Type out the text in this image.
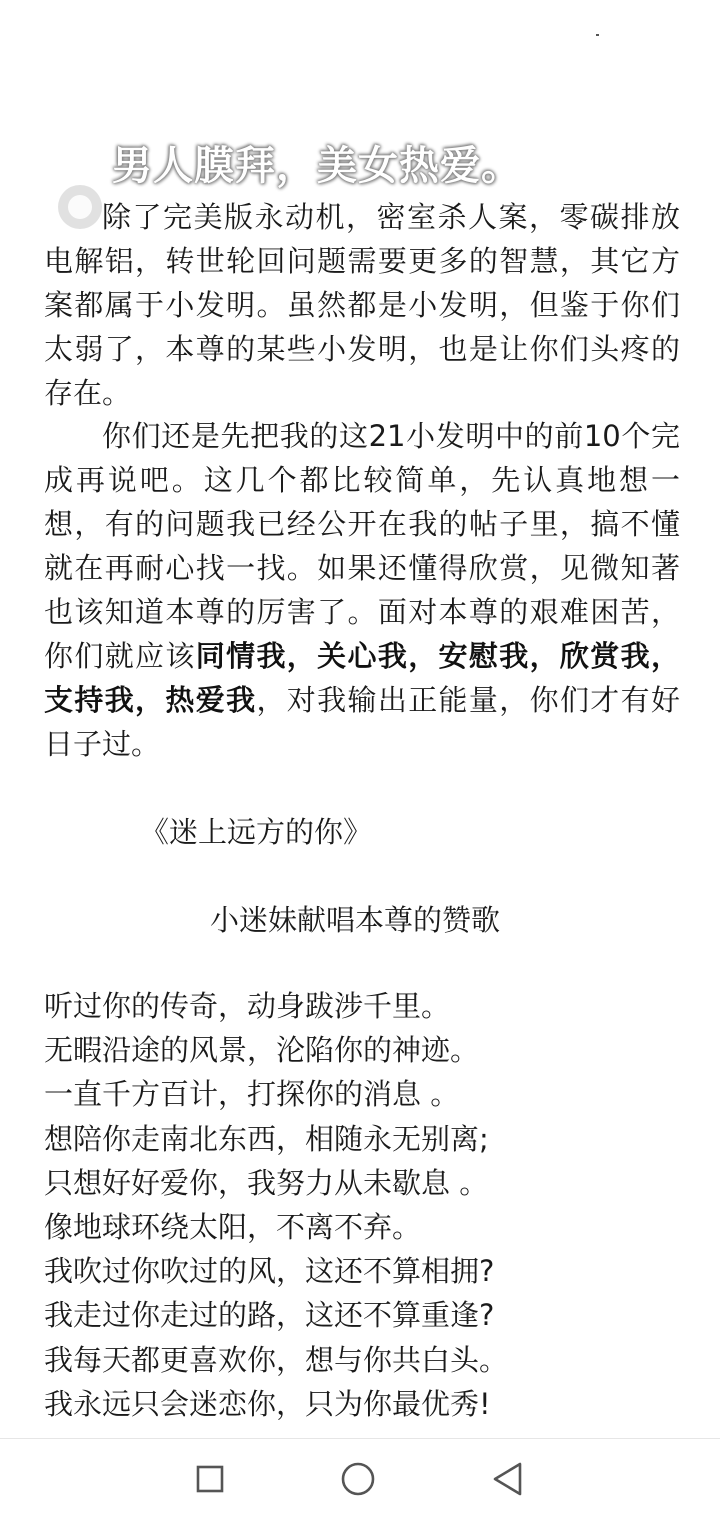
除了完美版永动机，密室杀人案，零碳排放电解铝，转世轮回问题需要更多的智慧，其它方案都属于小发明。虽然都是小发明，但鉴于你们太弱了，本尊的某些小发明，也是让你们头疼的存在。

你们还是先把我的这21小发明中的前10个完成再说吧。这几个都比较简单，先认真地想一想，有的问题我已经公开在我的帖子里，搞不懂就在再耐心找一找。如果还懂得欣赏，见微知著也该知道本尊的厉害了。面对本尊的艰难困苦，你们就应该同情我，关心我，安慰我，欣赏我，支持我，热爱我，对我输出正能量，你们才有好日子过。

男人膜拜，美女热爱。
《迷上远方的你》
小迷妹献唱本尊的赞歌
听过你的传奇，动身跋涉千里。
无暇沿途的风景，沦陷你的神迹。
一直千方百计，打探你的消息 。
想陪你走南北东西，相随永无别离;
只想好好爱你，我努力从未歇息 。
像地球环绕太阳，不离不弃。
我吹过你吹过的风，这还不算相拥?
我走过你走过的路，这还不算重逢?
我每天都更喜欢你，想与你共白头。
我永远只会迷恋你，只为你最优秀!
